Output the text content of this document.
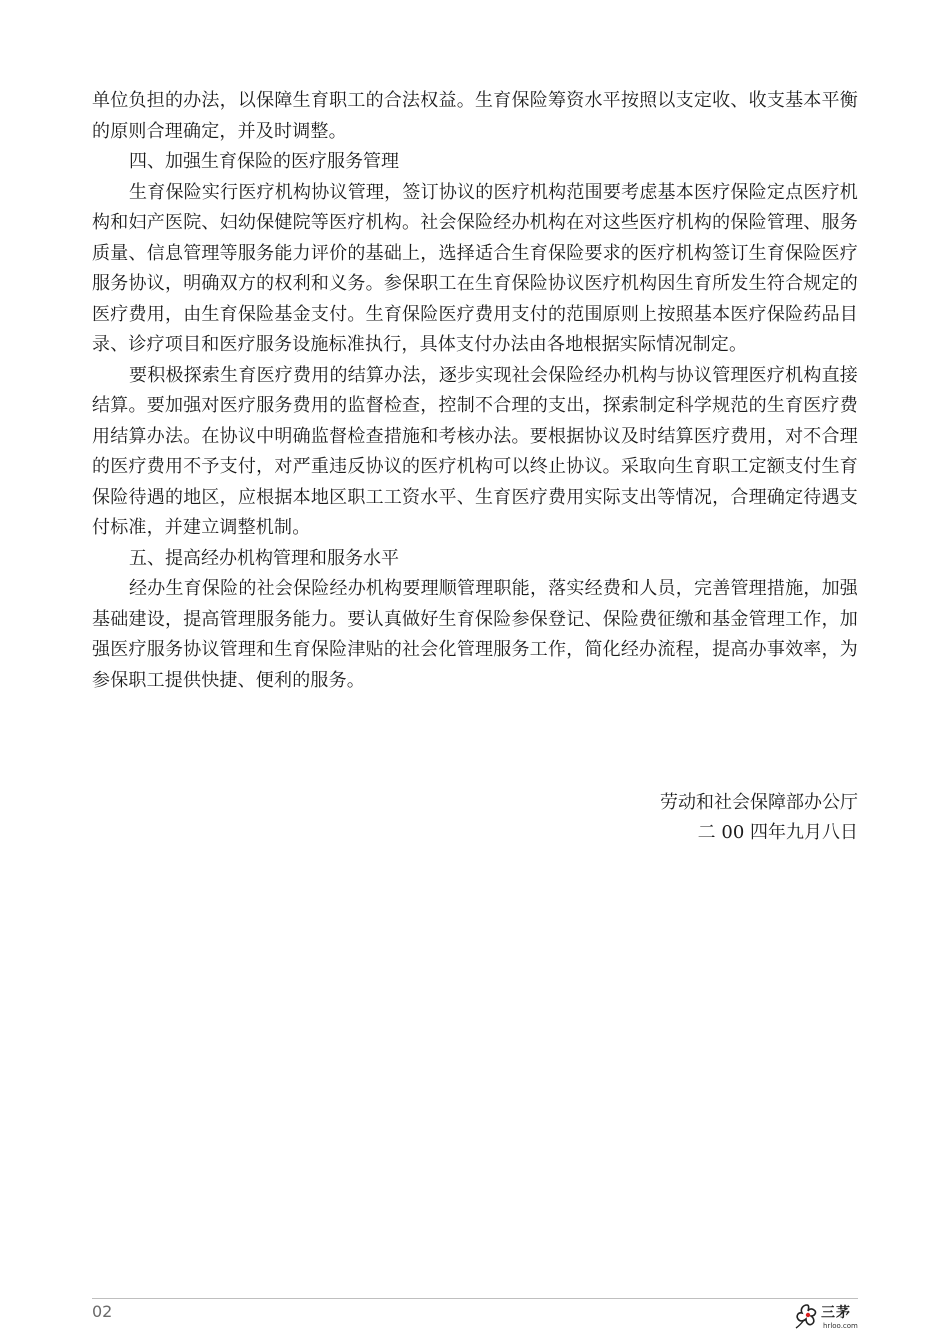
单位负担的办法，以保障生育职工的合法权益。生育保险筹资水平按照以支定收、收支基本平衡的原则合理确定，并及时调整。

四、加强生育保险的医疗服务管理

生育保险实行医疗机构协议管理，签订协议的医疗机构范围要考虑基本医疗保险定点医疗机构和妇产医院、妇幼保健院等医疗机构。社会保险经办机构在对这些医疗机构的保险管理、服务质量、信息管理等服务能力评价的基础上，选择适合生育保险要求的医疗机构签订生育保险医疗服务协议，明确双方的权利和义务。参保职工在生育保险协议医疗机构因生育所发生符合规定的医疗费用，由生育保险基金支付。生育保险医疗费用支付的范围原则上按照基本医疗保险药品目录、诊疗项目和医疗服务设施标准执行，具体支付办法由各地根据实际情况制定。

要积极探索生育医疗费用的结算办法，逐步实现社会保险经办机构与协议管理医疗机构直接结算。要加强对医疗服务费用的监督检查，控制不合理的支出，探索制定科学规范的生育医疗费用结算办法。在协议中明确监督检查措施和考核办法。要根据协议及时结算医疗费用，对不合理的医疗费用不予支付，对严重违反协议的医疗机构可以终止协议。采取向生育职工定额支付生育保险待遇的地区，应根据本地区职工工资水平、生育医疗费用实际支出等情况，合理确定待遇支付标准，并建立调整机制。

五、提高经办机构管理和服务水平

经办生育保险的社会保险经办机构要理顺管理职能，落实经费和人员，完善管理措施，加强基础建设，提高管理服务能力。要认真做好生育保险参保登记、保险费征缴和基金管理工作，加强医疗服务协议管理和生育保险津贴的社会化管理服务工作，简化经办流程，提高办事效率，为参保职工提供快捷、便利的服务。

劳动和社会保障部办公厅
二 00 四年九月八日
02	三茅
hrloo.com
